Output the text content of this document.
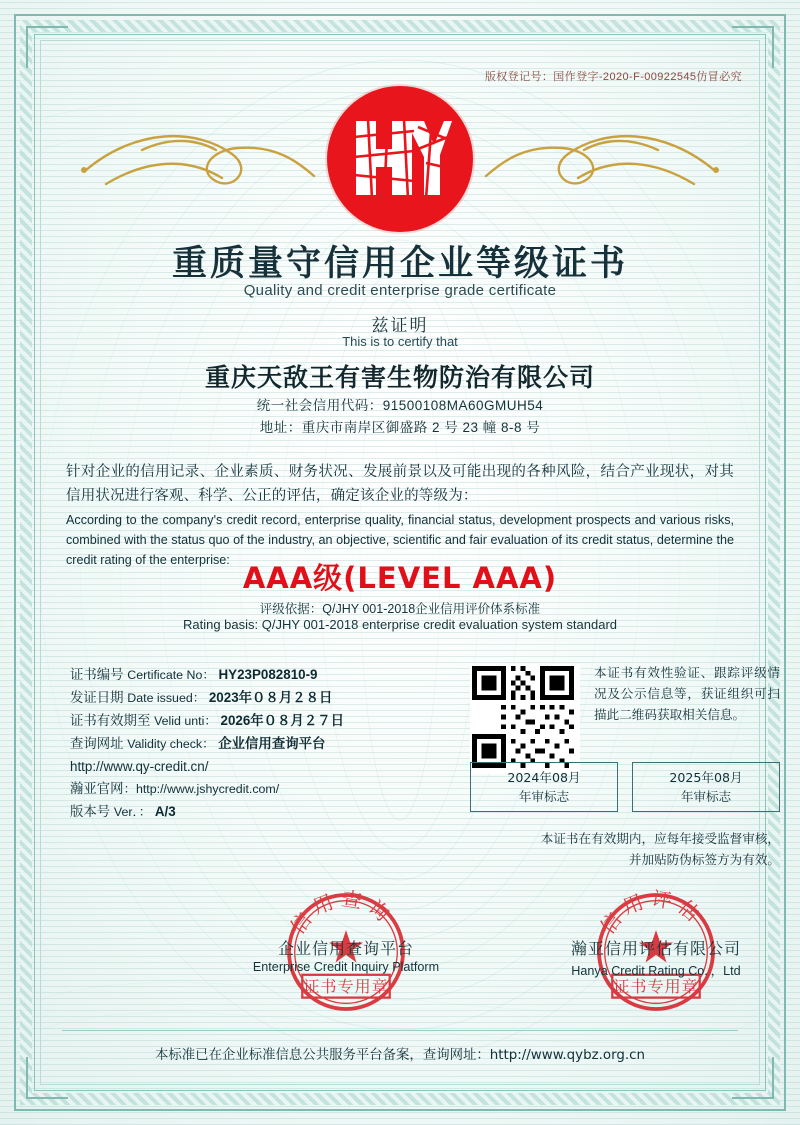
版权登记号：国作登字-2020-F-00922545仿冒必究
重质量守信用企业等级证书
Quality and credit enterprise grade certificate
兹证明
This is to certify that
重庆天敌王有害生物防治有限公司
统一社会信用代码：91500108MA60GMUH54
地址：重庆市南岸区御盛路 2 号 23 幢 8-8 号
针对企业的信用记录、企业素质、财务状况、发展前景以及可能出现的各种风险，结合产业现状，对其信用状况进行客观、科学、公正的评估，确定该企业的等级为：
According to the company's credit record, enterprise quality, financial status, development prospects and various risks, combined with the status quo of the industry, an objective, scientific and fair evaluation of its credit status, determine the credit rating of the enterprise:
AAA级(LEVEL AAA)
评级依据：Q/JHY 001-2018企业信用评价体系标准
Rating basis: Q/JHY 001-2018 enterprise credit evaluation system standard
证书编号 Certificate No： HY23P082810-9
发证日期 Date issued： 2023年０８月２８日
证书有效期至 Velid unti： 2026年０８月２７日
查询网址 Validity check： 企业信用查询平台
http://www.qy-credit.cn/
瀚亚官网：http://www.jshycredit.com/
版本号 Ver．： A/3
本证书有效性验证、跟踪评级情况及公示信息等，获证组织可扫描此二维码获取相关信息。
2024年08月
年审标志
2025年08月
年审标志
本证书在有效期内，应每年接受监督审核，
并加贴防伪标签方为有效。
信用查询
证书专用章
企业信用查询平台
Enterprise Credit Inquiry Platform
信用评估
证书专用章
瀚亚信用评估有限公司
Hanya Credit Rating Co．，Ltd
本标准已在企业标准信息公共服务平台备案，查询网址：http://www.qybz.org.cn
